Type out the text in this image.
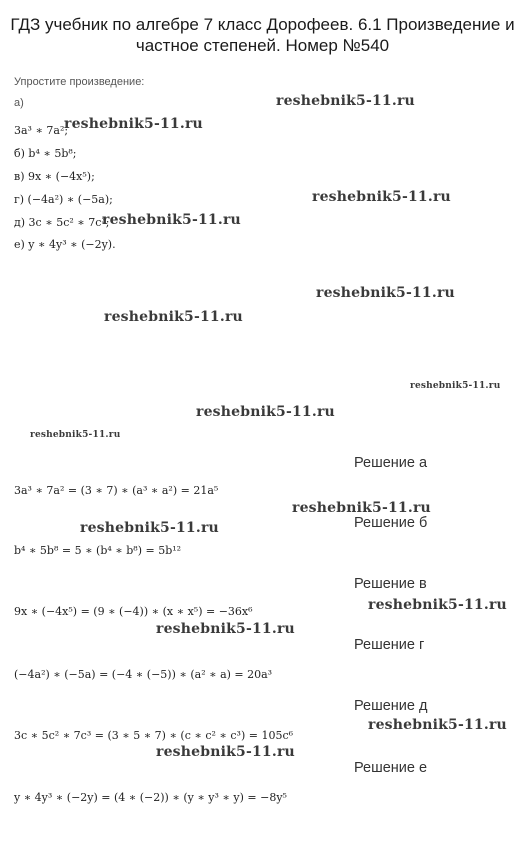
ГДЗ учебник по алгебре 7 класс Дорофеев. 6.1 Произведение и частное степеней. Номер №540
Упростите произведение:
а)
3a³ ∗ 7a²;
б) b⁴ ∗ 5b⁸;
в) 9x ∗ (−4x⁵);
г) (−4a²) ∗ (−5a);
д) 3c ∗ 5c² ∗ 7c³;
е) y ∗ 4y³ ∗ (−2y).
Решение а
3a³ ∗ 7a² = (3 ∗ 7) ∗ (a³ ∗ a²) = 21a⁵
Решение б
b⁴ ∗ 5b⁸ = 5 ∗ (b⁴ ∗ b⁸) = 5b¹²
Решение в
9x ∗ (−4x⁵) = (9 ∗ (−4)) ∗ (x ∗ x⁵) = −36x⁶
Решение г
(−4a²) ∗ (−5a) = (−4 ∗ (−5)) ∗ (a² ∗ a) = 20a³
Решение д
3c ∗ 5c² ∗ 7c³ = (3 ∗ 5 ∗ 7) ∗ (c ∗ c² ∗ c³) = 105c⁶
Решение е
y ∗ 4y³ ∗ (−2y) = (4 ∗ (−2)) ∗ (y ∗ y³ ∗ y) = −8y⁵
reshebnik5-11.ru
reshebnik5-11.ru
reshebnik5-11.ru
reshebnik5-11.ru
reshebnik5-11.ru
reshebnik5-11.ru
reshebnik5-11.ru
reshebnik5-11.ru
reshebnik5-11.ru
reshebnik5-11.ru
reshebnik5-11.ru
reshebnik5-11.ru
reshebnik5-11.ru
reshebnik5-11.ru
reshebnik5-11.ru
